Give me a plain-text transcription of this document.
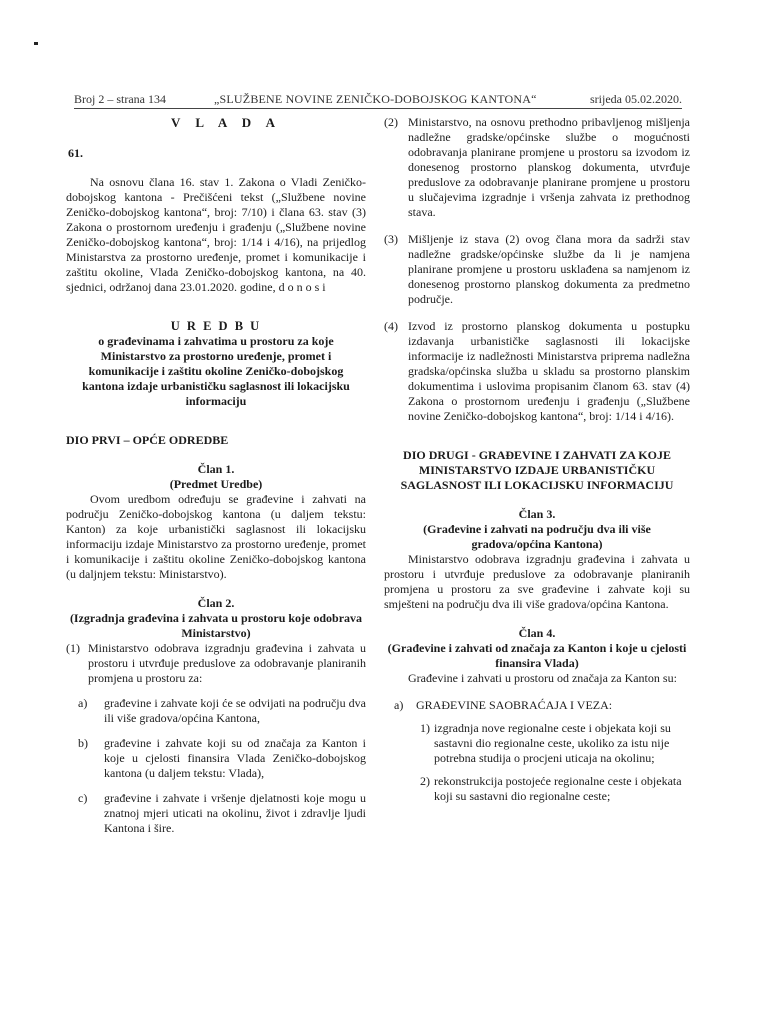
Broj 2 – strana 134	„SLUŽBENE NOVINE ZENIČKO-DOBOJSKOG KANTONA“	srijeda 05.02.2020.
V L A D A
61.
Na osnovu člana 16. stav 1. Zakona o Vladi Zeničko-dobojskog kantona - Prečišćeni tekst („Službene novine Zeničko-dobojskog kantona“, broj: 7/10) i člana 63. stav (3) Zakona o prostornom uređenju i građenju („Službene novine Zeničko-dobojskog kantona“, broj: 1/14 i 4/16), na prijedlog Ministarstva za prostorno uređenje, promet i komunikacije i zaštitu okoline, Vlada Zeničko-dobojskog kantona, na 40. sjednici, održanoj dana 23.01.2020. godine, d o n o s i
U R E D B U
o građevinama i zahvatima u prostoru za koje Ministarstvo za prostorno uređenje, promet i komunikacije i zaštitu okoline Zeničko-dobojskog kantona izdaje urbanističku saglasnost ili lokacijsku informaciju
DIO PRVI – OPĆE ODREDBE
Član 1.
(Predmet Uredbe)
Ovom uredbom određuju se građevine i zahvati na području Zeničko-dobojskog kantona (u daljem tekstu: Kanton) za koje urbanistički saglasnost ili lokacijsku informaciju izdaje Ministarstvo za prostorno uređenje, promet i komunikacije i zaštitu okoline Zeničko-dobojskog kantona (u daljnjem tekstu: Ministarstvo).
Član 2.
(Izgradnja građevina i zahvata u prostoru koje odobrava Ministarstvo)
(1) Ministarstvo odobrava izgradnju građevina i zahvata u prostoru i utvrđuje preduslove za odobravanje planiranih promjena u prostoru za:
a)	građevine i zahvate koji će se odvijati na području dva ili više gradova/općina Kantona,
b)	građevine i zahvate koji su od značaja za Kanton i koje u cjelosti finansira Vlada Zeničko-dobojskog kantona (u daljem tekstu: Vlada),
c)	građevine i zahvate i vršenje djelatnosti koje mogu u znatnoj mjeri uticati na okolinu, život i zdravlje ljudi Kantona i šire.
(2) Ministarstvo, na osnovu prethodno pribavljenog mišljenja nadležne gradske/općinske službe o mogućnosti odobravanja planirane promjene u prostoru sa izvodom iz donesenog prostorno planskog dokumenta, utvrđuje preduslove za odobravanje planirane promjene u prostoru u slučajevima izgradnje i vršenja zahvata iz prethodnog stava.
(3) Mišljenje iz stava (2) ovog člana mora da sadrži stav nadležne gradske/općinske službe da li je namjena planirane promjene u prostoru usklađena sa namjenom iz donesenog prostorno planskog dokumenta za predmetno područje.
(4) Izvod iz prostorno planskog dokumenta u postupku izdavanja urbanističke saglasnosti ili lokacijske informacije iz nadležnosti Ministarstva priprema nadležna gradska/općinska služba u skladu sa prostorno planskim dokumentima i uslovima propisanim članom 63. stav (4) Zakona o prostornom uređenju i građenju („Službene novine Zeničko-dobojskog kantona“, broj: 1/14 i 4/16).
DIO DRUGI - GRAĐEVINE I ZAHVATI ZA KOJE MINISTARSTVO IZDAJE URBANISTIČKU SAGLASNOST ILI LOKACIJSKU INFORMACIJU
Član 3.
(Građevine i zahvati na području dva ili više gradova/općina Kantona)
Ministarstvo odobrava izgradnju građevina i zahvata u prostoru i utvrđuje preduslove za odobravanje planiranih promjena u prostoru za sve građevine i zahvate koji su smješteni na području dva ili više gradova/općina Kantona.
Član 4.
(Građevine i zahvati od značaja za Kanton i koje u cjelosti finansira Vlada)
Građevine i zahvati u prostoru od značaja za Kanton su:
a)	GRAĐEVINE SAOBRAĆAJA I VEZA:
1) izgradnja nove regionalne ceste i objekata koji su sastavni dio regionalne ceste, ukoliko za istu nije potrebna studija o procjeni uticaja na okolinu;
2) rekonstrukcija postojeće regionalne ceste i objekata koji su sastavni dio regionalne ceste;
